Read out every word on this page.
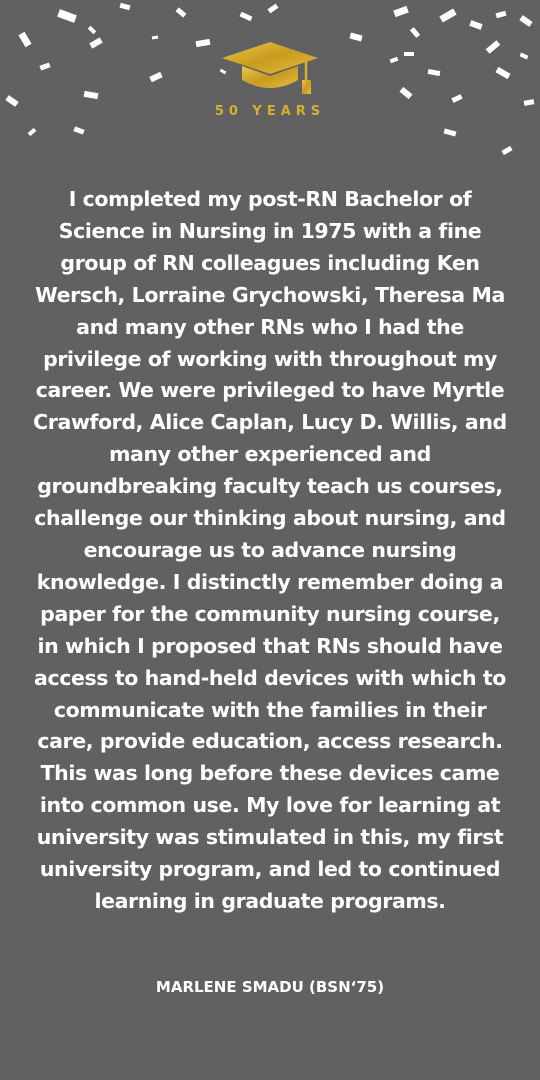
50 YEARS

I completed my post-RN Bachelor of Science in Nursing in 1975 with a fine group of RN colleagues including Ken Wersch, Lorraine Grychowski, Theresa Ma and many other RNs who I had the privilege of working with throughout my career. We were privileged to have Myrtle Crawford, Alice Caplan, Lucy D. Willis, and many other experienced and groundbreaking faculty teach us courses, challenge our thinking about nursing, and encourage us to advance nursing knowledge. I distinctly remember doing a paper for the community nursing course, in which I proposed that RNs should have access to hand-held devices with which to communicate with the families in their care, provide education, access research. This was long before these devices came into common use. My love for learning at university was stimulated in this, my first university program, and led to continued learning in graduate programs.

MARLENE SMADU (BSN‘75)
